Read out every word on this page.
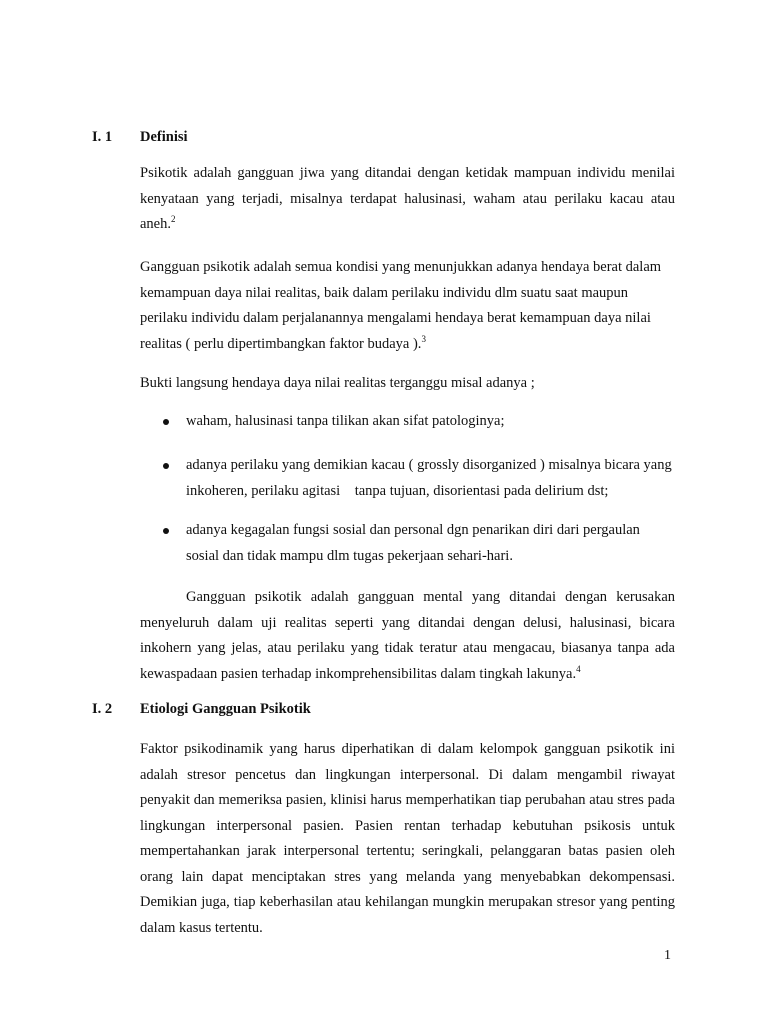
I. 1 Definisi

Psikotik adalah gangguan jiwa yang ditandai dengan ketidak mampuan individu menilai kenyataan yang terjadi, misalnya terdapat halusinasi, waham atau perilaku kacau atau aneh.$^2$

Gangguan psikotik adalah semua kondisi yang menunjukkan adanya hendaya berat dalam kemampuan daya nilai realitas, baik dalam perilaku individu dlm suatu saat maupun perilaku individu dalam perjalanannya mengalami hendaya berat kemampuan daya nilai realitas ( perlu dipertimbangkan faktor budaya ).$^3$

Bukti langsung hendaya daya nilai realitas terganggu misal adanya ;

waham, halusinasi tanpa tilikan akan sifat patologinya;
adanya perilaku yang demikian kacau ( grossly disorganized ) misalnya bicara yang inkoheren, perilaku agitasi    tanpa tujuan, disorientasi pada delirium dst;
adanya kegagalan fungsi sosial dan personal dgn penarikan diri dari pergaulan sosial dan tidak mampu dlm tugas pekerjaan sehari-hari.

Gangguan psikotik adalah gangguan mental yang ditandai dengan kerusakan menyeluruh dalam uji realitas seperti yang ditandai dengan delusi, halusinasi, bicara inkohern yang jelas, atau perilaku yang tidak teratur atau mengacau, biasanya tanpa ada kewaspadaan pasien terhadap inkomprehensibilitas dalam tingkah lakunya.$^4$

I. 2 Etiologi Gangguan Psikotik

Faktor psikodinamik yang harus diperhatikan di dalam kelompok gangguan psikotik ini adalah stresor pencetus dan lingkungan interpersonal. Di dalam mengambil riwayat penyakit dan memeriksa pasien, klinisi harus memperhatikan tiap perubahan atau stres pada lingkungan interpersonal pasien. Pasien rentan terhadap kebutuhan psikosis untuk mempertahankan jarak interpersonal tertentu; seringkali, pelanggaran batas pasien oleh orang lain dapat menciptakan stres yang melanda yang menyebabkan dekompensasi. Demikian juga, tiap keberhasilan atau kehilangan mungkin merupakan stresor yang penting dalam kasus tertentu.

1
